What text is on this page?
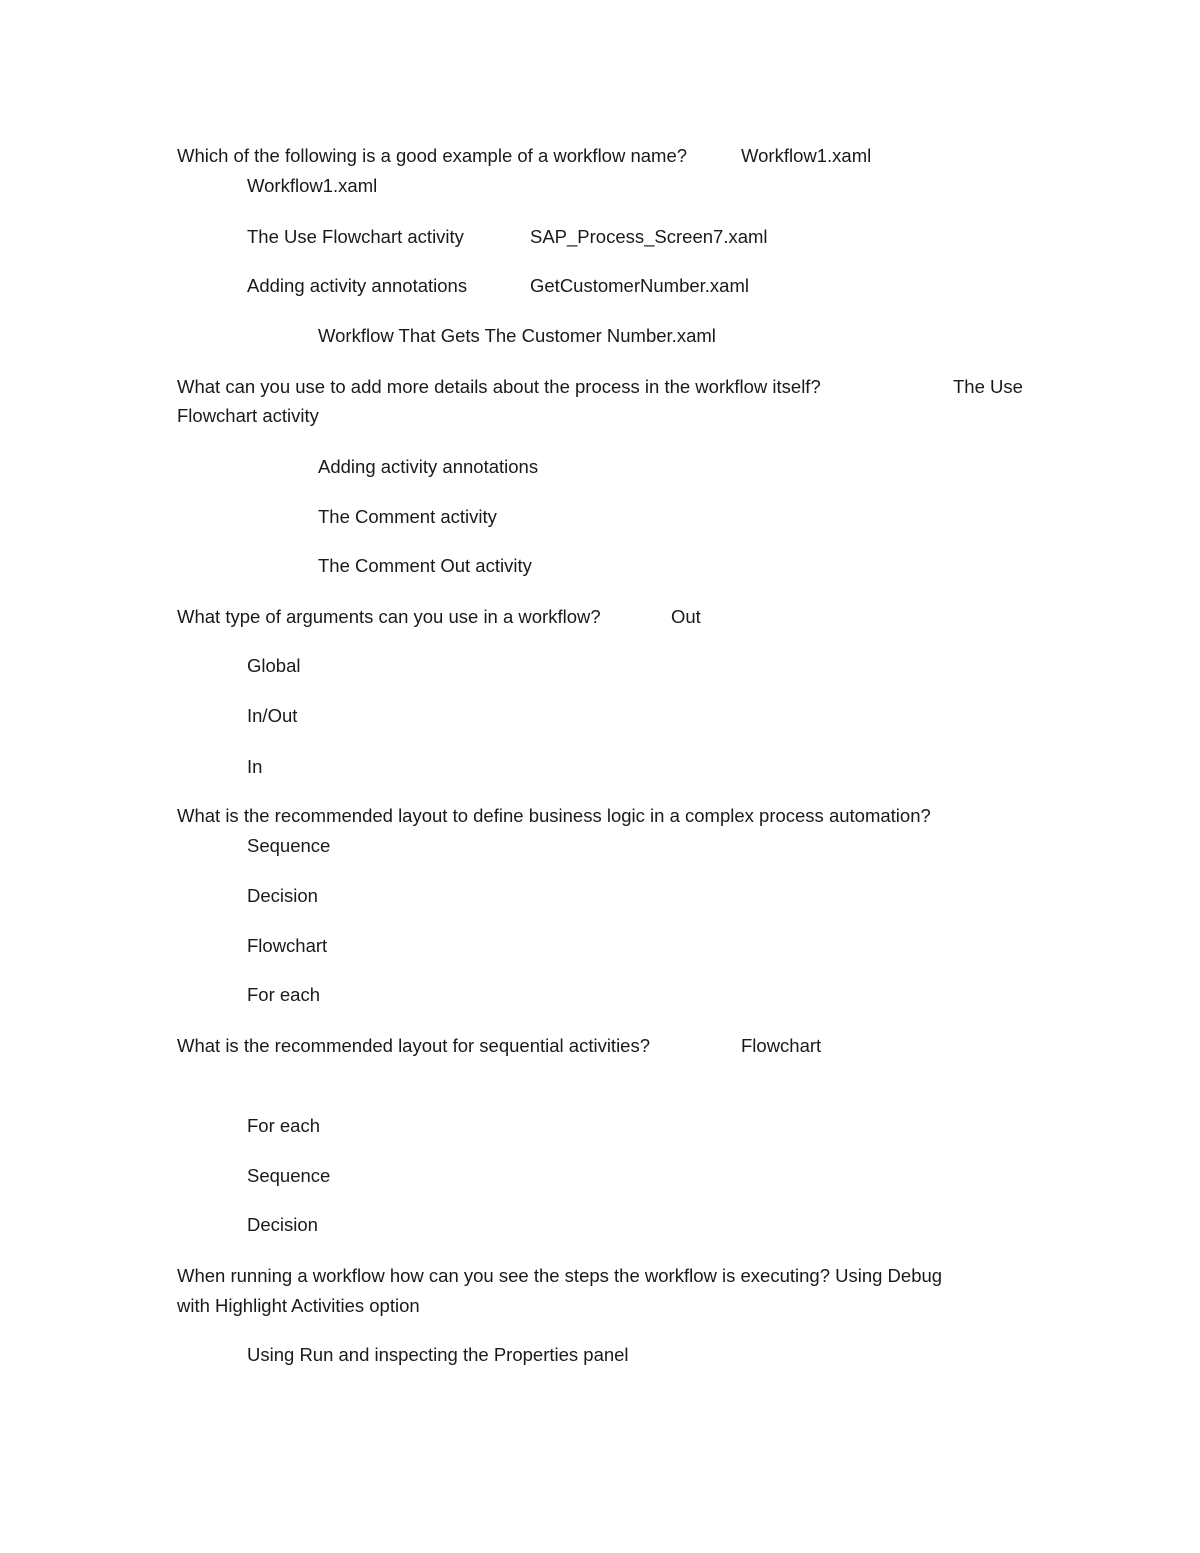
Which of the following is a good example of a workflow name?	Workflow1.xaml
Workflow1.xaml
The Use Flowchart activity	SAP_Process_Screen7.xaml
Adding activity annotations	GetCustomerNumber.xaml
Workflow That Gets The Customer Number.xaml
What can you use to add more details about the process in the workflow itself?	The Use
Flowchart activity
Adding activity annotations
The Comment activity
The Comment Out activity
What type of arguments can you use in a workflow?	Out
Global
In/Out
In
What is the recommended layout to define business logic in a complex process automation?
Sequence
Decision
Flowchart
For each
What is the recommended layout for sequential activities?	Flowchart
For each
Sequence
Decision
When running a workflow how can you see the steps the workflow is executing? Using Debug
with Highlight Activities option
Using Run and inspecting the Properties panel
